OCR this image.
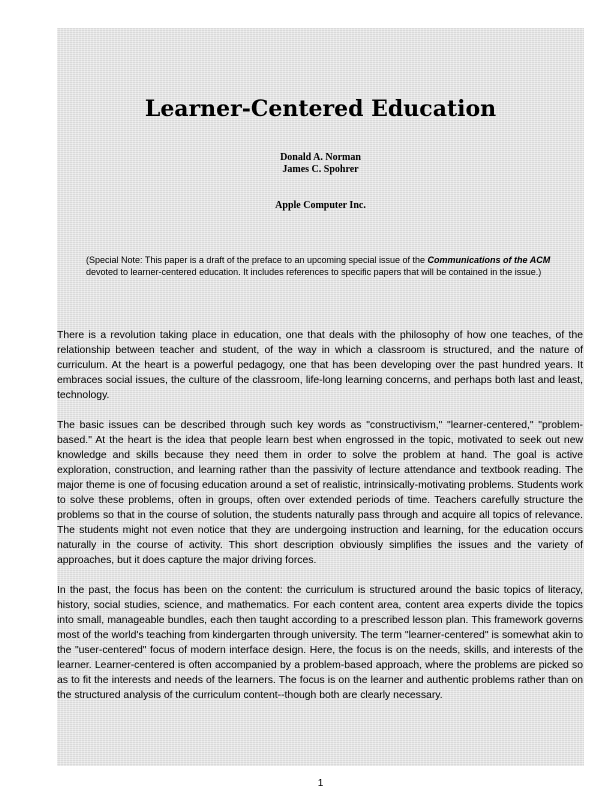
Learner-Centered Education
Donald A. Norman
James C. Spohrer
Apple Computer Inc.

(Special Note: This paper is a draft of the preface to an upcoming special issue of the Communications of the ACM devoted to learner-centered education. It includes references to specific papers that will be contained in the issue.)

There is a revolution taking place in education, one that deals with the philosophy of how one teaches, of the relationship between teacher and student, of the way in which a classroom is structured, and the nature of curriculum. At the heart is a powerful pedagogy, one that has been developing over the past hundred years. It embraces social issues, the culture of the classroom, life-long learning concerns, and perhaps both last and least, technology.

The basic issues can be described through such key words as "constructivism," "learner-centered," "problem-based." At the heart is the idea that people learn best when engrossed in the topic, motivated to seek out new knowledge and skills because they need them in order to solve the problem at hand. The goal is active exploration, construction, and learning rather than the passivity of lecture attendance and textbook reading. The major theme is one of focusing education around a set of realistic, intrinsically-motivating problems. Students work to solve these problems, often in groups, often over extended periods of time. Teachers carefully structure the problems so that in the course of solution, the students naturally pass through and acquire all topics of relevance. The students might not even notice that they are undergoing instruction and learning, for the education occurs naturally in the course of activity. This short description obviously simplifies the issues and the variety of approaches, but it does capture the major driving forces.

In the past, the focus has been on the content: the curriculum is structured around the basic topics of literacy, history, social studies, science, and mathematics. For each content area, content area experts divide the topics into small, manageable bundles, each then taught according to a prescribed lesson plan. This framework governs most of the world's teaching from kindergarten through university. The term "learner-centered" is somewhat akin to the "user-centered" focus of modern interface design. Here, the focus is on the needs, skills, and interests of the learner. Learner-centered is often accompanied by a problem-based approach, where the problems are picked so as to fit the interests and needs of the learners. The focus is on the learner and authentic problems rather than on the structured analysis of the curriculum content--though both are clearly necessary.

1
